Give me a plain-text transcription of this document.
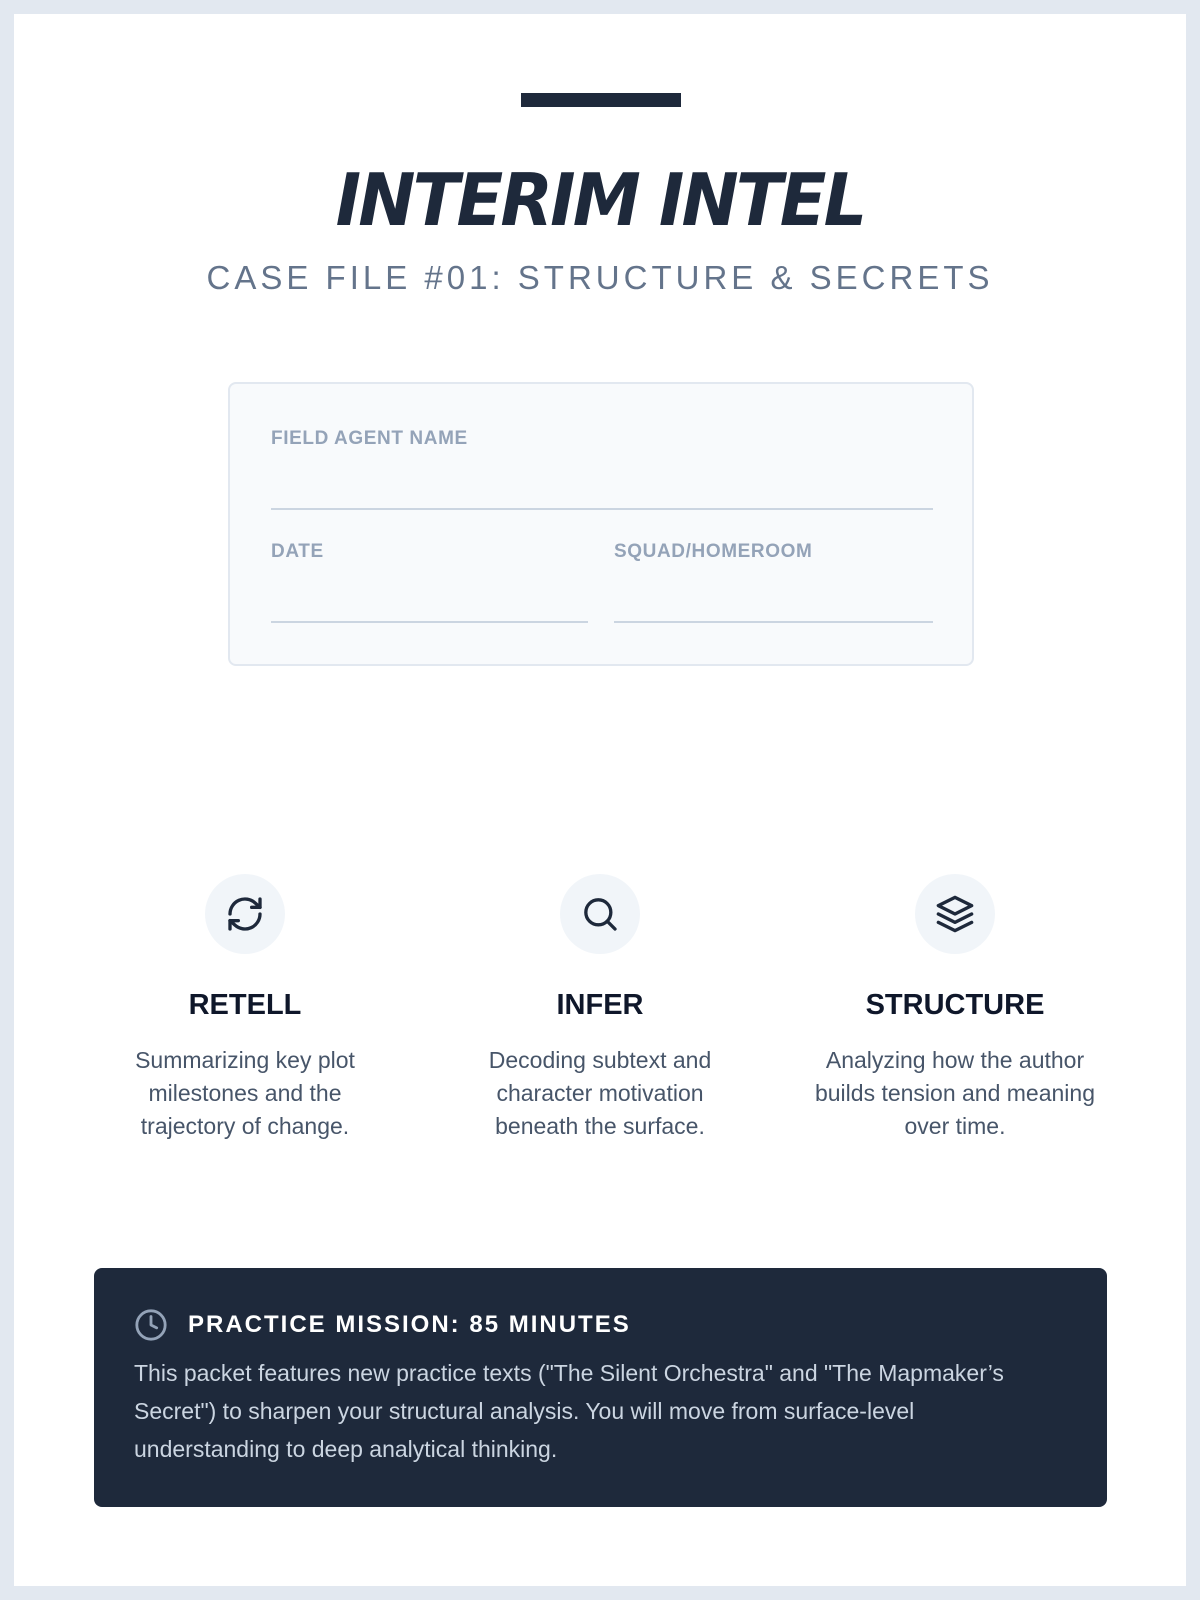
INTERIM INTEL
CASE FILE #01: STRUCTURE & SECRETS
FIELD AGENT NAME
DATE	SQUAD/HOMEROOM
RETELL
Summarizing key plot milestones and the trajectory of change.
INFER
Decoding subtext and character motivation beneath the surface.
STRUCTURE
Analyzing how the author builds tension and meaning over time.
PRACTICE MISSION: 85 MINUTES
This packet features new practice texts ("The Silent Orchestra" and "The Mapmaker’s Secret") to sharpen your structural analysis. You will move from surface-level understanding to deep analytical thinking.
